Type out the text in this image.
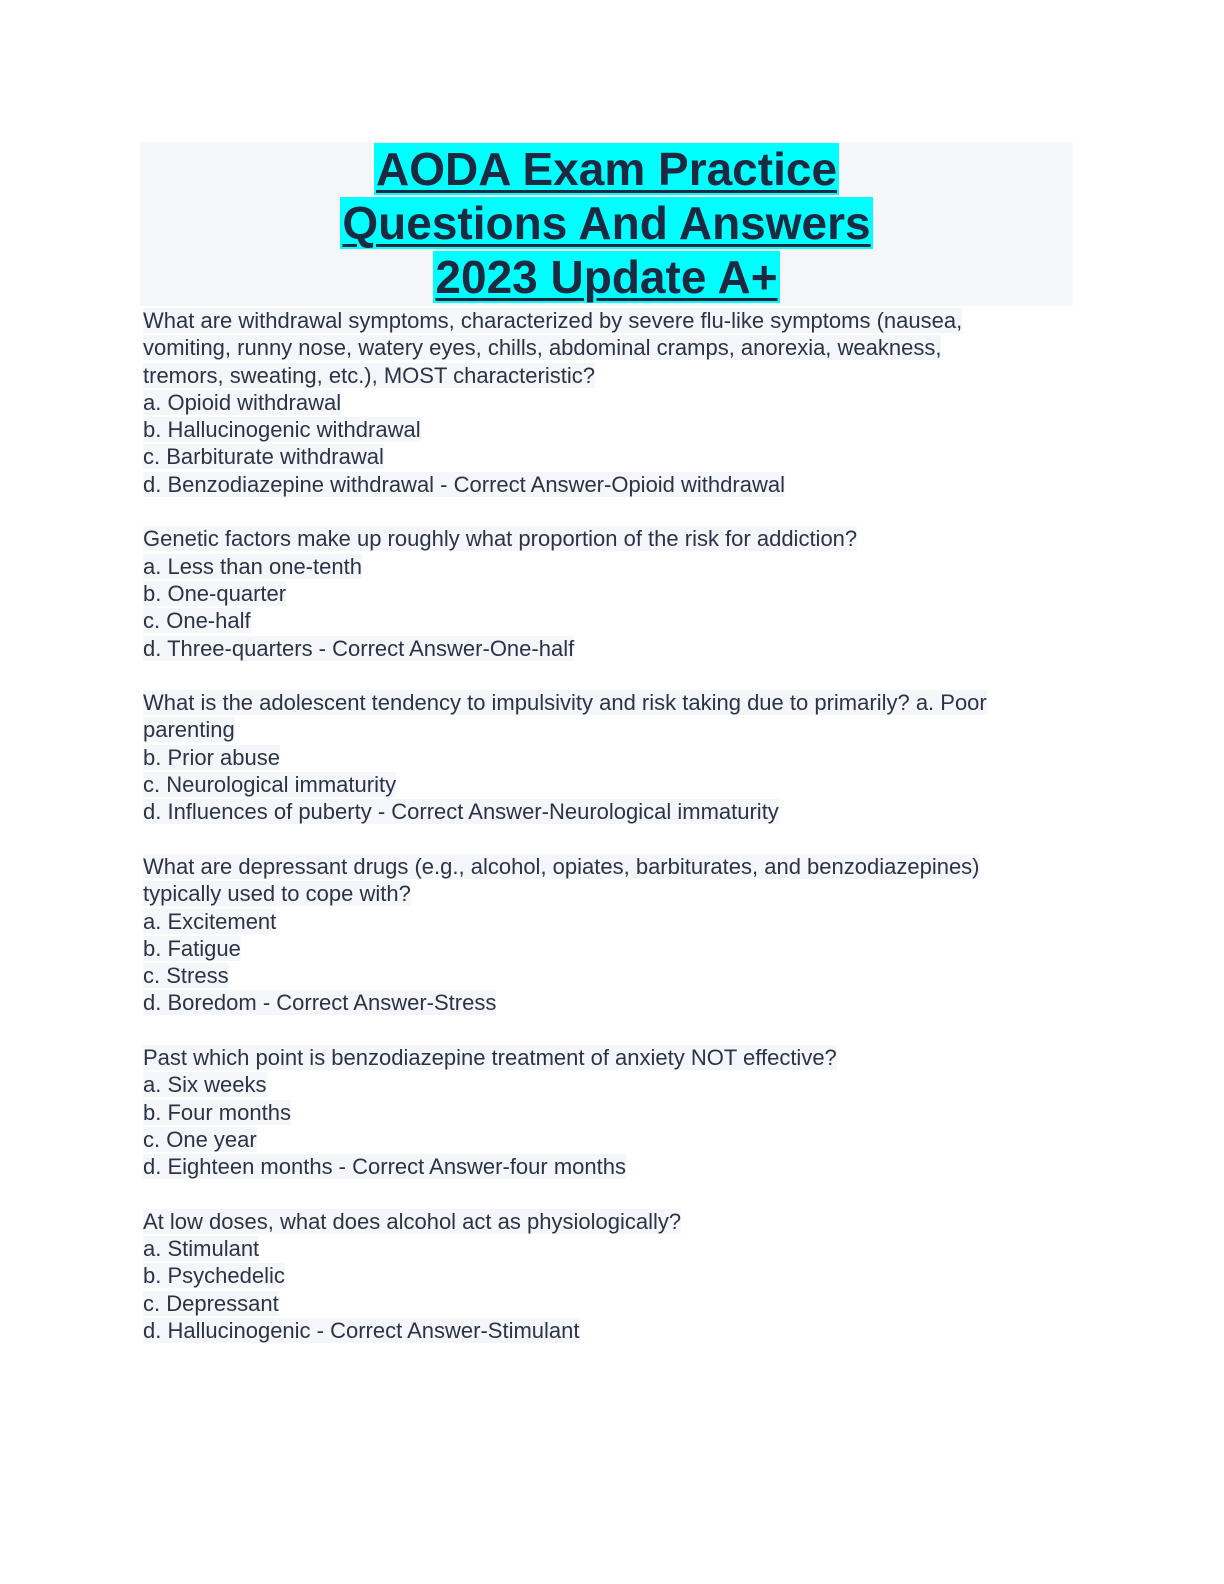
AODA Exam Practice
Questions And Answers
2023 Update A+
What are withdrawal symptoms, characterized by severe flu-like symptoms (nausea,
vomiting, runny nose, watery eyes, chills, abdominal cramps, anorexia, weakness,
tremors, sweating, etc.), MOST characteristic?
a. Opioid withdrawal
b. Hallucinogenic withdrawal
c. Barbiturate withdrawal
d. Benzodiazepine withdrawal - Correct Answer-Opioid withdrawal
Genetic factors make up roughly what proportion of the risk for addiction?
a. Less than one-tenth
b. One-quarter
c. One-half
d. Three-quarters - Correct Answer-One-half
What is the adolescent tendency to impulsivity and risk taking due to primarily? a. Poor
parenting
b. Prior abuse
c. Neurological immaturity
d. Influences of puberty - Correct Answer-Neurological immaturity
What are depressant drugs (e.g., alcohol, opiates, barbiturates, and benzodiazepines)
typically used to cope with?
a. Excitement
b. Fatigue
c. Stress
d. Boredom - Correct Answer-Stress
Past which point is benzodiazepine treatment of anxiety NOT effective?
a. Six weeks
b. Four months
c. One year
d. Eighteen months - Correct Answer-four months
At low doses, what does alcohol act as physiologically?
a. Stimulant
b. Psychedelic
c. Depressant
d. Hallucinogenic - Correct Answer-Stimulant
